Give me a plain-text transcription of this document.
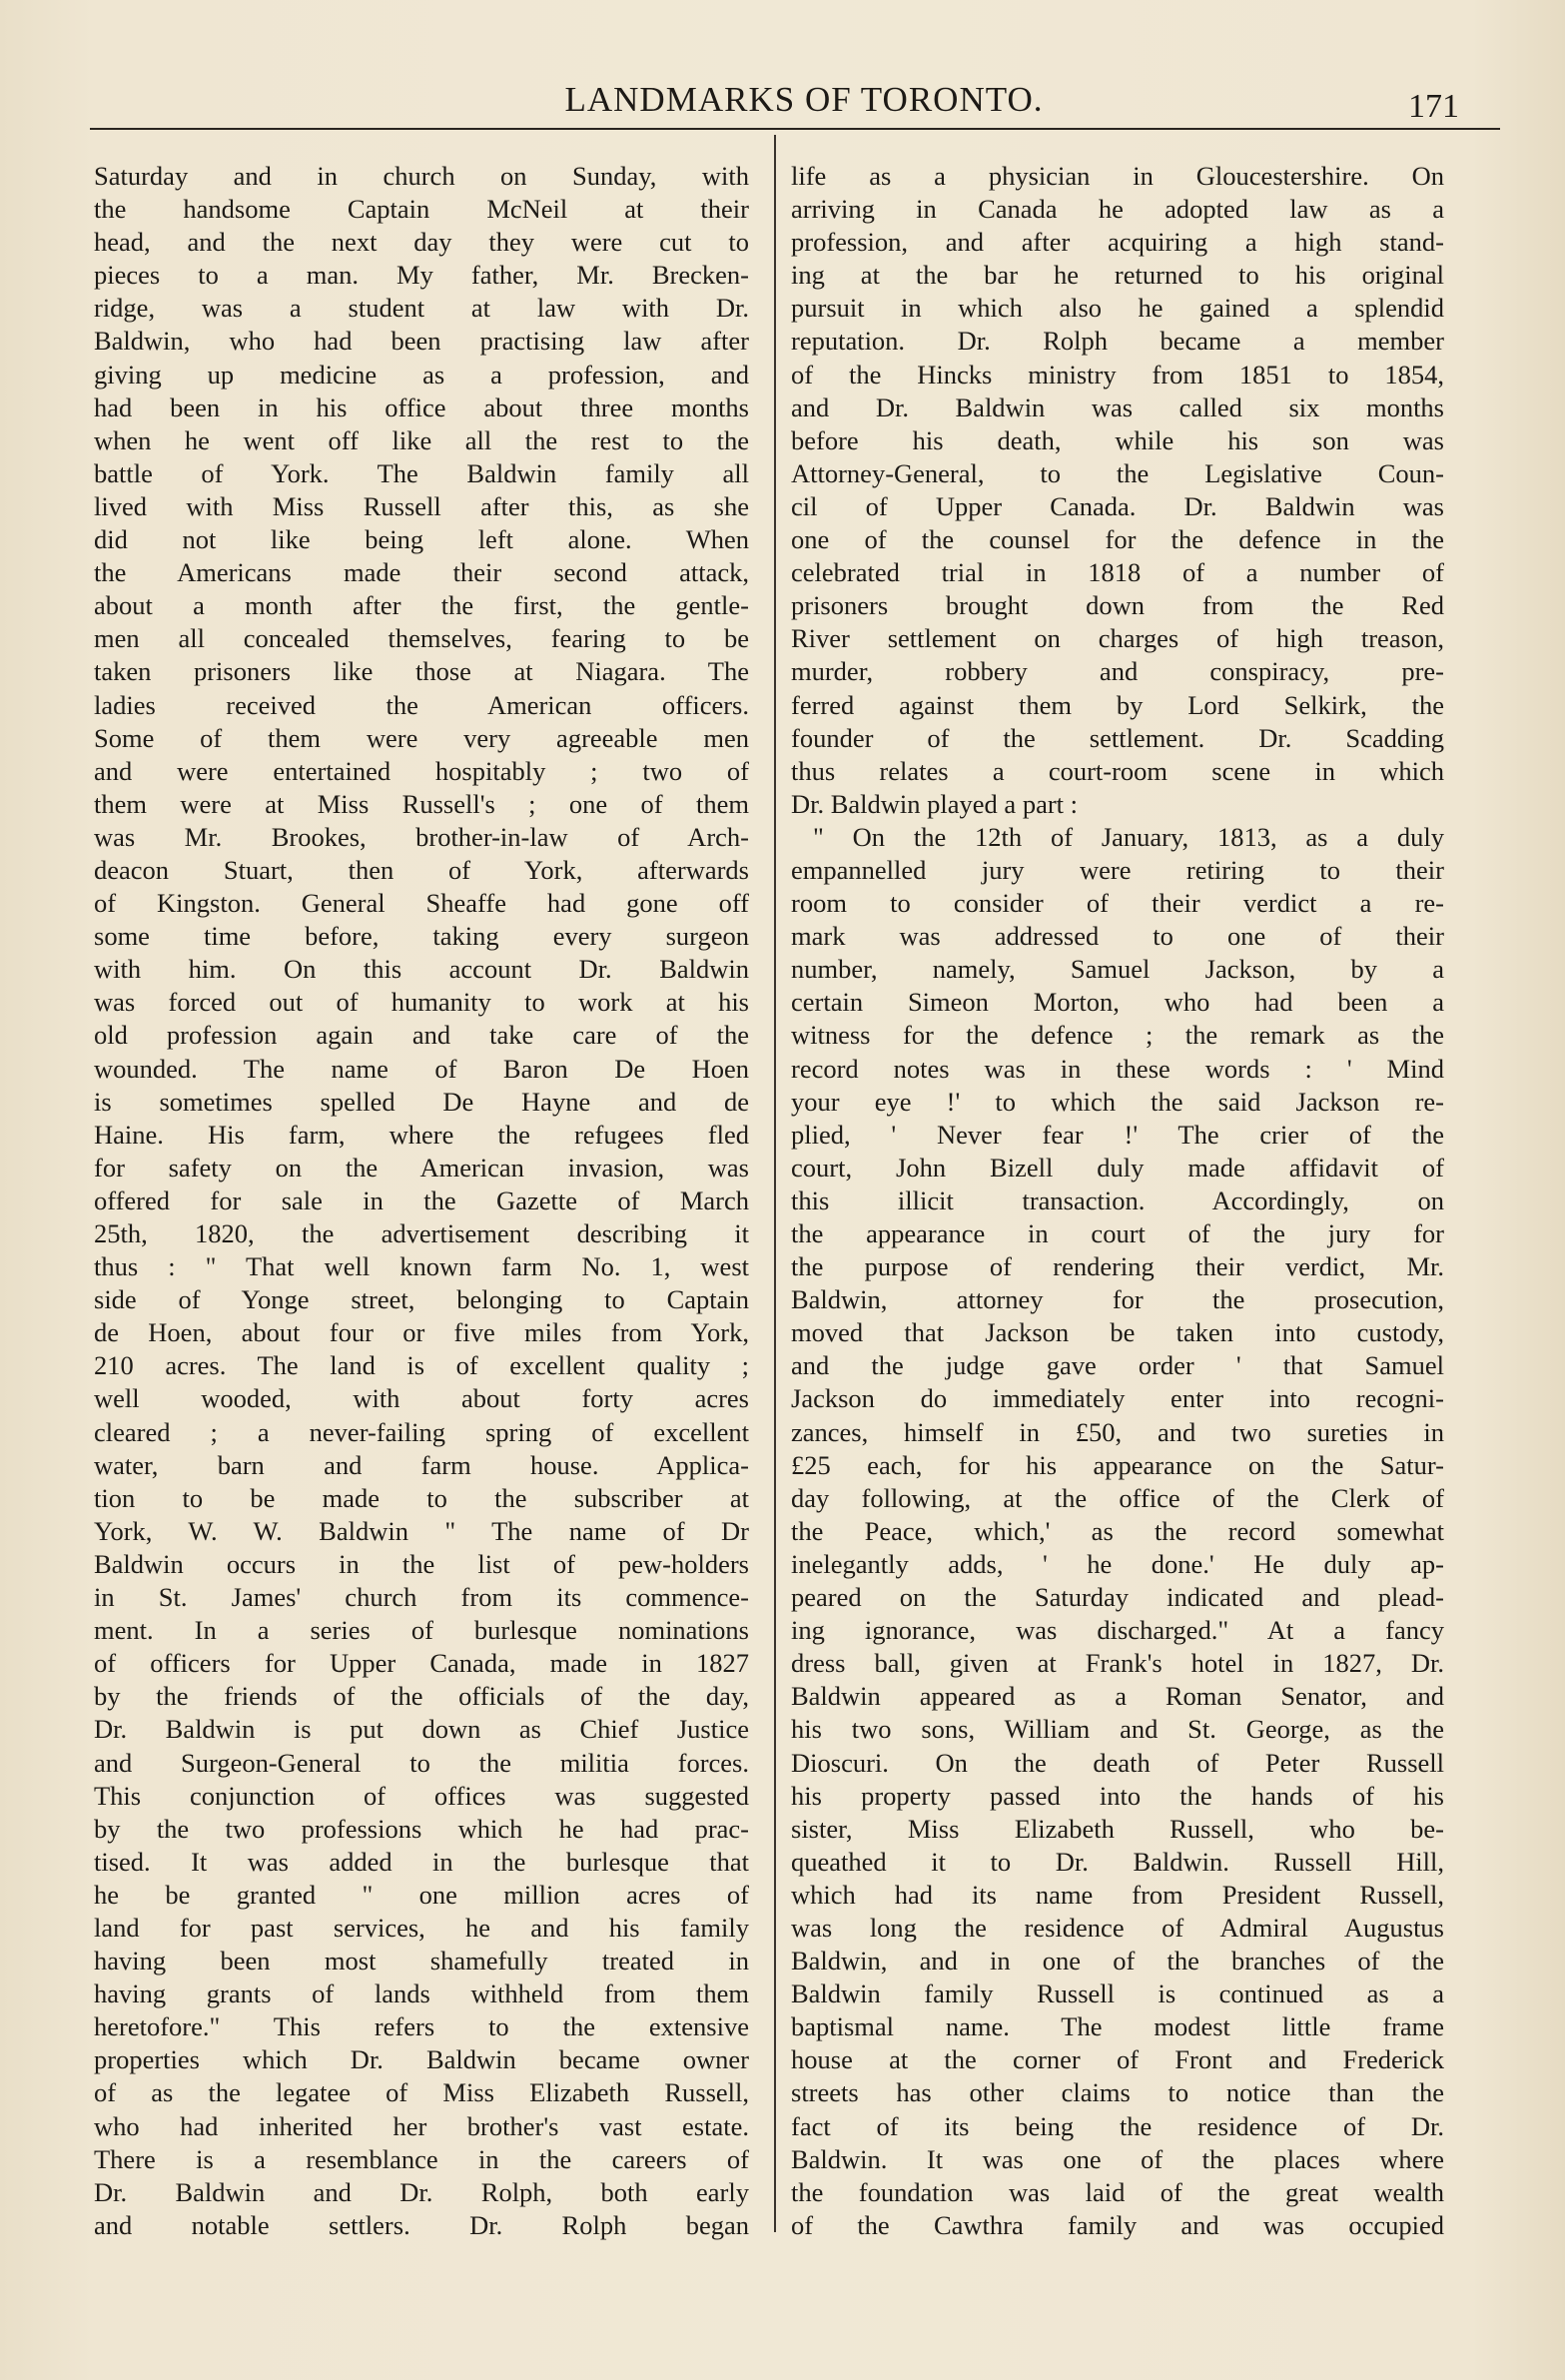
LANDMARKS OF TORONTO.	171
Saturday and in church on Sunday, with
the handsome Captain McNeil at their
head, and the next day they were cut to
pieces to a man. My father, Mr. Brecken-
ridge, was a student at law with Dr.
Baldwin, who had been practising law after
giving up medicine as a profession, and
had been in his office about three months
when he went off like all the rest to the
battle of York. The Baldwin family all
lived with Miss Russell after this, as she
did not like being left alone. When
the Americans made their second attack,
about a month after the first, the gentle-
men all concealed themselves, fearing to be
taken prisoners like those at Niagara. The
ladies received the American officers.
Some of them were very agreeable men
and were entertained hospitably ; two of
them were at Miss Russell's ; one of them
was Mr. Brookes, brother-in-law of Arch-
deacon Stuart, then of York, afterwards
of Kingston. General Sheaffe had gone off
some time before, taking every surgeon
with him. On this account Dr. Baldwin
was forced out of humanity to work at his
old profession again and take care of the
wounded. The name of Baron De Hoen
is sometimes spelled De Hayne and de
Haine. His farm, where the refugees fled
for safety on the American invasion, was
offered for sale in the Gazette of March
25th, 1820, the advertisement describing it
thus : " That well known farm No. 1, west
side of Yonge street, belonging to Captain
de Hoen, about four or five miles from York,
210 acres. The land is of excellent quality ;
well wooded, with about forty acres
cleared ; a never-failing spring of excellent
water, barn and farm house. Applica-
tion to be made to the subscriber at
York, W. W. Baldwin " The name of Dr
Baldwin occurs in the list of pew-holders
in St. James' church from its commence-
ment. In a series of burlesque nominations
of officers for Upper Canada, made in 1827
by the friends of the officials of the day,
Dr. Baldwin is put down as Chief Justice
and Surgeon-General to the militia forces.
This conjunction of offices was suggested
by the two professions which he had prac-
tised. It was added in the burlesque that
he be granted " one million acres of
land for past services, he and his family
having been most shamefully treated in
having grants of lands withheld from them
heretofore." This refers to the extensive
properties which Dr. Baldwin became owner
of as the legatee of Miss Elizabeth Russell,
who had inherited her brother's vast estate.
There is a resemblance in the careers of
Dr. Baldwin and Dr. Rolph, both early
and notable settlers. Dr. Rolph began
life as a physician in Gloucestershire. On
arriving in Canada he adopted law as a
profession, and after acquiring a high stand-
ing at the bar he returned to his original
pursuit in which also he gained a splendid
reputation. Dr. Rolph became a member
of the Hincks ministry from 1851 to 1854,
and Dr. Baldwin was called six months
before his death, while his son was
Attorney-General, to the Legislative Coun-
cil of Upper Canada. Dr. Baldwin was
one of the counsel for the defence in the
celebrated trial in 1818 of a number of
prisoners brought down from the Red
River settlement on charges of high treason,
murder, robbery and conspiracy, pre-
ferred against them by Lord Selkirk, the
founder of the settlement. Dr. Scadding
thus relates a court-room scene in which
Dr. Baldwin played a part :
" On the 12th of January, 1813, as a duly
empannelled jury were retiring to their
room to consider of their verdict a re-
mark was addressed to one of their
number, namely, Samuel Jackson, by a
certain Simeon Morton, who had been a
witness for the defence ; the remark as the
record notes was in these words : ' Mind
your eye !' to which the said Jackson re-
plied, ' Never fear !' The crier of the
court, John Bizell duly made affidavit of
this illicit transaction. Accordingly, on
the appearance in court of the jury for
the purpose of rendering their verdict, Mr.
Baldwin, attorney for the prosecution,
moved that Jackson be taken into custody,
and the judge gave order ' that Samuel
Jackson do immediately enter into recogni-
zances, himself in £50, and two sureties in
£25 each, for his appearance on the Satur-
day following, at the office of the Clerk of
the Peace, which,' as the record somewhat
inelegantly adds, ' he done.' He duly ap-
peared on the Saturday indicated and plead-
ing ignorance, was discharged." At a fancy
dress ball, given at Frank's hotel in 1827, Dr.
Baldwin appeared as a Roman Senator, and
his two sons, William and St. George, as the
Dioscuri. On the death of Peter Russell
his property passed into the hands of his
sister, Miss Elizabeth Russell, who be-
queathed it to Dr. Baldwin. Russell Hill,
which had its name from President Russell,
was long the residence of Admiral Augustus
Baldwin, and in one of the branches of the
Baldwin family Russell is continued as a
baptismal name. The modest little frame
house at the corner of Front and Frederick
streets has other claims to notice than the
fact of its being the residence of Dr.
Baldwin. It was one of the places where
the foundation was laid of the great wealth
of the Cawthra family and was occupied
